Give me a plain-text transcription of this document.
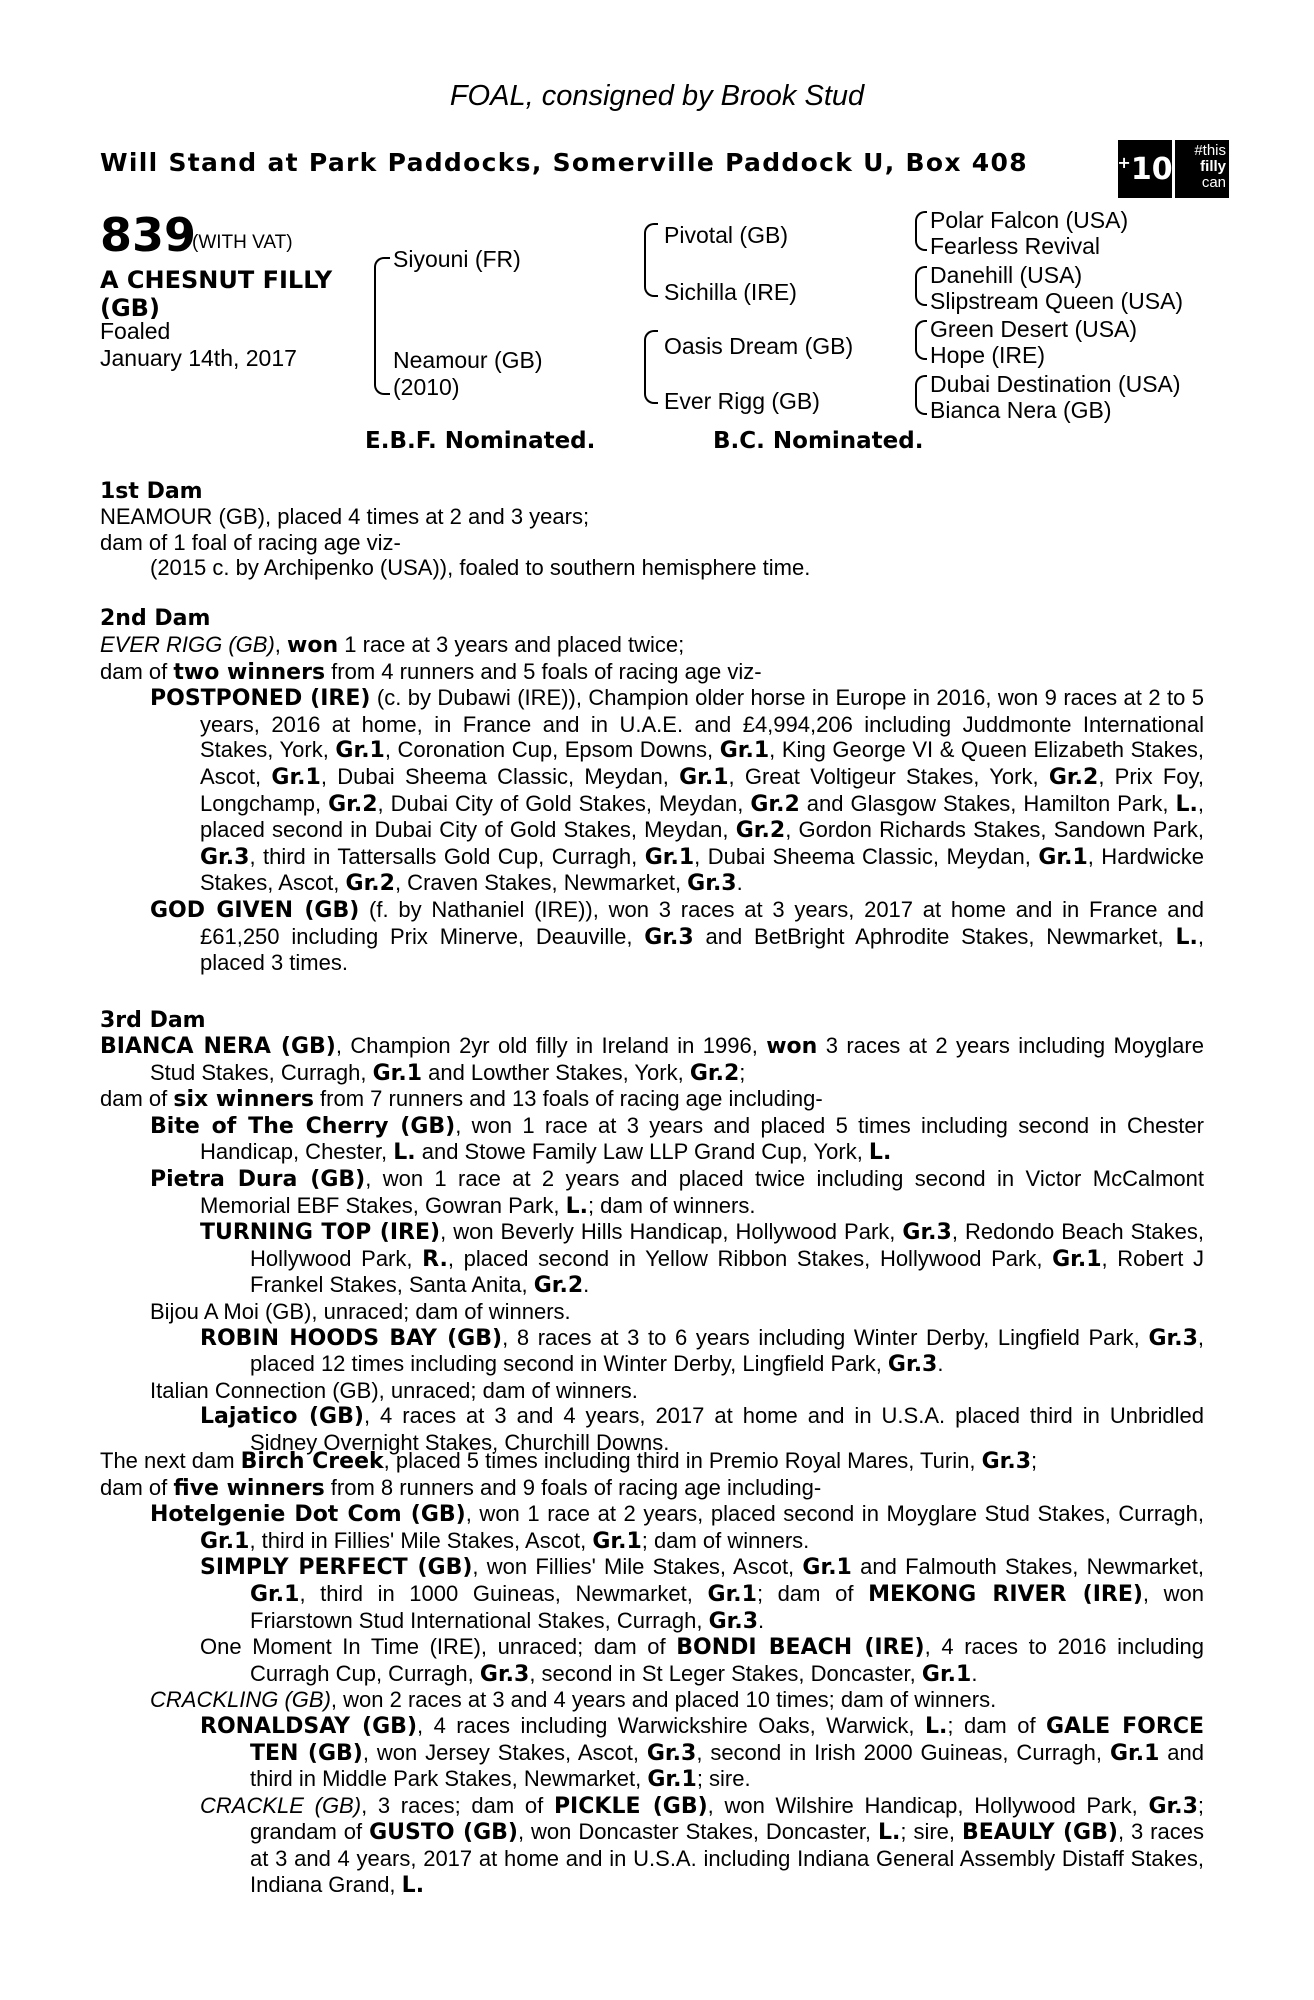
FOAL, consigned by Brook Stud
Will Stand at Park Paddocks, Somerville Paddock U, Box 408	+ 10
#this
filly
can
839
(WITH VAT)
A CHESNUT FILLY
(GB)
Foaled
January 14th, 2017
Siyouni (FR)
Neamour (GB)
(2010)
Pivotal (GB)
Sichilla (IRE)
Oasis Dream (GB)
Ever Rigg (GB)
Polar Falcon (USA)
Fearless Revival
Danehill (USA)
Slipstream Queen (USA)
Green Desert (USA)
Hope (IRE)
Dubai Destination (USA)
Bianca Nera (GB)
E.B.F. Nominated.	B.C. Nominated.
1st Dam

NEAMOUR (GB), placed 4 times at 2 and 3 years;

dam of 1 foal of racing age viz-

(2015 c. by Archipenko (USA)), foaled to southern hemisphere time.

2nd Dam

EVER RIGG (GB), won 1 race at 3 years and placed twice;

dam of two winners from 4 runners and 5 foals of racing age viz-

POSTPONED (IRE) (c. by Dubawi (IRE)), Champion older horse in Europe in 2016, won 9 races at 2 to 5 years, 2016 at home, in France and in U.A.E. and £4,994,206 including Juddmonte International Stakes, York, Gr.1, Coronation Cup, Epsom Downs, Gr.1, King George VI & Queen Elizabeth Stakes, Ascot, Gr.1, Dubai Sheema Classic, Meydan, Gr.1, Great Voltigeur Stakes, York, Gr.2, Prix Foy, Longchamp, Gr.2, Dubai City of Gold Stakes, Meydan, Gr.2 and Glasgow Stakes, Hamilton Park, L., placed second in Dubai City of Gold Stakes, Meydan, Gr.2, Gordon Richards Stakes, Sandown Park, Gr.3, third in Tattersalls Gold Cup, Curragh, Gr.1, Dubai Sheema Classic, Meydan, Gr.1, Hardwicke Stakes, Ascot, Gr.2, Craven Stakes, Newmarket, Gr.3.

GOD GIVEN (GB) (f. by Nathaniel (IRE)), won 3 races at 3 years, 2017 at home and in France and £61,250 including Prix Minerve, Deauville, Gr.3 and BetBright Aphrodite Stakes, Newmarket, L., placed 3 times.

3rd Dam

BIANCA NERA (GB), Champion 2yr old filly in Ireland in 1996, won 3 races at 2 years including Moyglare Stud Stakes, Curragh, Gr.1 and Lowther Stakes, York, Gr.2;

dam of six winners from 7 runners and 13 foals of racing age including-

Bite of The Cherry (GB), won 1 race at 3 years and placed 5 times including second in Chester Handicap, Chester, L. and Stowe Family Law LLP Grand Cup, York, L.

Pietra Dura (GB), won 1 race at 2 years and placed twice including second in Victor McCalmont Memorial EBF Stakes, Gowran Park, L.; dam of winners.

TURNING TOP (IRE), won Beverly Hills Handicap, Hollywood Park, Gr.3, Redondo Beach Stakes, Hollywood Park, R., placed second in Yellow Ribbon Stakes, Hollywood Park, Gr.1, Robert J Frankel Stakes, Santa Anita, Gr.2.

Bijou A Moi (GB), unraced; dam of winners.

ROBIN HOODS BAY (GB), 8 races at 3 to 6 years including Winter Derby, Lingfield Park, Gr.3, placed 12 times including second in Winter Derby, Lingfield Park, Gr.3.

Italian Connection (GB), unraced; dam of winners.

Lajatico (GB), 4 races at 3 and 4 years, 2017 at home and in U.S.A. placed third in Unbridled Sidney Overnight Stakes, Churchill Downs.

The next dam Birch Creek, placed 5 times including third in Premio Royal Mares, Turin, Gr.3;

dam of five winners from 8 runners and 9 foals of racing age including-

Hotelgenie Dot Com (GB), won 1 race at 2 years, placed second in Moyglare Stud Stakes, Curragh, Gr.1, third in Fillies' Mile Stakes, Ascot, Gr.1; dam of winners.

SIMPLY PERFECT (GB), won Fillies' Mile Stakes, Ascot, Gr.1 and Falmouth Stakes, Newmarket, Gr.1, third in 1000 Guineas, Newmarket, Gr.1; dam of MEKONG RIVER (IRE), won Friarstown Stud International Stakes, Curragh, Gr.3.

One Moment In Time (IRE), unraced; dam of BONDI BEACH (IRE), 4 races to 2016 including Curragh Cup, Curragh, Gr.3, second in St Leger Stakes, Doncaster, Gr.1.

CRACKLING (GB), won 2 races at 3 and 4 years and placed 10 times; dam of winners.

RONALDSAY (GB), 4 races including Warwickshire Oaks, Warwick, L.; dam of GALE FORCE TEN (GB), won Jersey Stakes, Ascot, Gr.3, second in Irish 2000 Guineas, Curragh, Gr.1 and third in Middle Park Stakes, Newmarket, Gr.1; sire.

CRACKLE (GB), 3 races; dam of PICKLE (GB), won Wilshire Handicap, Hollywood Park, Gr.3; grandam of GUSTO (GB), won Doncaster Stakes, Doncaster, L.; sire, BEAULY (GB), 3 races at 3 and 4 years, 2017 at home and in U.S.A. including Indiana General Assembly Distaff Stakes, Indiana Grand, L.
